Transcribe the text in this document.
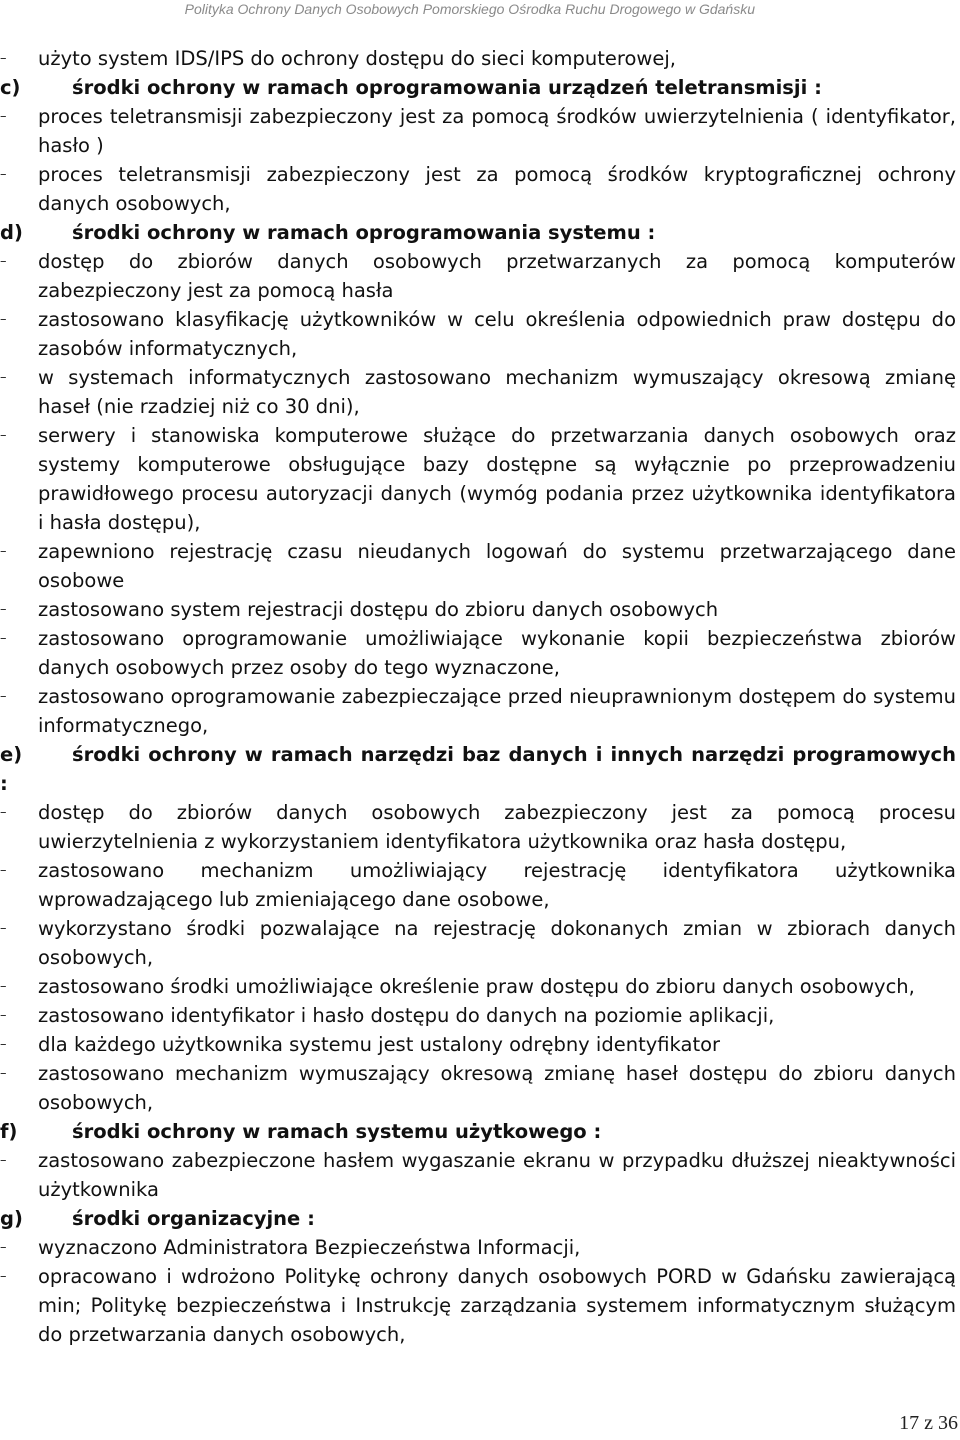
Polityka Ochrony Danych Osobowych Pomorskiego Ośrodka Ruchu Drogowego w Gdańsku
– użyto system IDS/IPS do ochrony dostępu do sieci komputerowej,
c)	środki ochrony w ramach oprogramowania urządzeń teletransmisji :
– proces teletransmisji zabezpieczony jest za pomocą środków uwierzytelnienia ( identyfikator, hasło )
– proces teletransmisji zabezpieczony jest za pomocą środków kryptograficznej ochrony danych osobowych,
d)	środki ochrony w ramach oprogramowania systemu :
– dostęp do zbiorów danych osobowych przetwarzanych za pomocą komputerów zabezpieczony jest za pomocą hasła
– zastosowano klasyfikację użytkowników w celu określenia odpowiednich praw dostępu do zasobów informatycznych,
– w systemach informatycznych zastosowano mechanizm wymuszający okresową zmianę haseł (nie rzadziej niż co 30 dni),
– serwery i stanowiska komputerowe służące do przetwarzania danych osobowych oraz systemy komputerowe obsługujące bazy dostępne są wyłącznie po przeprowadzeniu prawidłowego procesu autoryzacji danych (wymóg podania przez użytkownika identyfikatora i hasła dostępu),
– zapewniono rejestrację czasu nieudanych logowań do systemu przetwarzającego dane osobowe
– zastosowano system rejestracji dostępu do zbioru danych osobowych
– zastosowano oprogramowanie umożliwiające wykonanie kopii bezpieczeństwa zbiorów danych osobowych przez osoby do tego wyznaczone,
– zastosowano oprogramowanie zabezpieczające przed nieuprawnionym dostępem do systemu informatycznego,
e)	środki ochrony w ramach narzędzi baz danych i innych narzędzi programowych :
– dostęp do zbiorów danych osobowych zabezpieczony jest za pomocą procesu uwierzytelnienia z wykorzystaniem identyfikatora użytkownika oraz hasła dostępu,
– zastosowano mechanizm umożliwiający rejestrację identyfikatora użytkownika wprowadzającego lub zmieniającego dane osobowe,
– wykorzystano środki pozwalające na rejestrację dokonanych zmian w zbiorach danych osobowych,
– zastosowano środki umożliwiające określenie praw dostępu do zbioru danych osobowych,
– zastosowano identyfikator i hasło dostępu do danych na poziomie aplikacji,
– dla każdego użytkownika systemu jest ustalony odrębny identyfikator
– zastosowano mechanizm wymuszający okresową zmianę haseł dostępu do zbioru danych osobowych,
f)	środki ochrony w ramach systemu użytkowego :
– zastosowano zabezpieczone hasłem wygaszanie ekranu w przypadku dłuższej nieaktywności użytkownika
g)	środki organizacyjne :
– wyznaczono Administratora Bezpieczeństwa Informacji,
– opracowano i wdrożono Politykę ochrony danych osobowych PORD w Gdańsku zawierającą min; Politykę bezpieczeństwa i Instrukcję zarządzania systemem informatycznym służącym do przetwarzania danych osobowych,
17 z 36
